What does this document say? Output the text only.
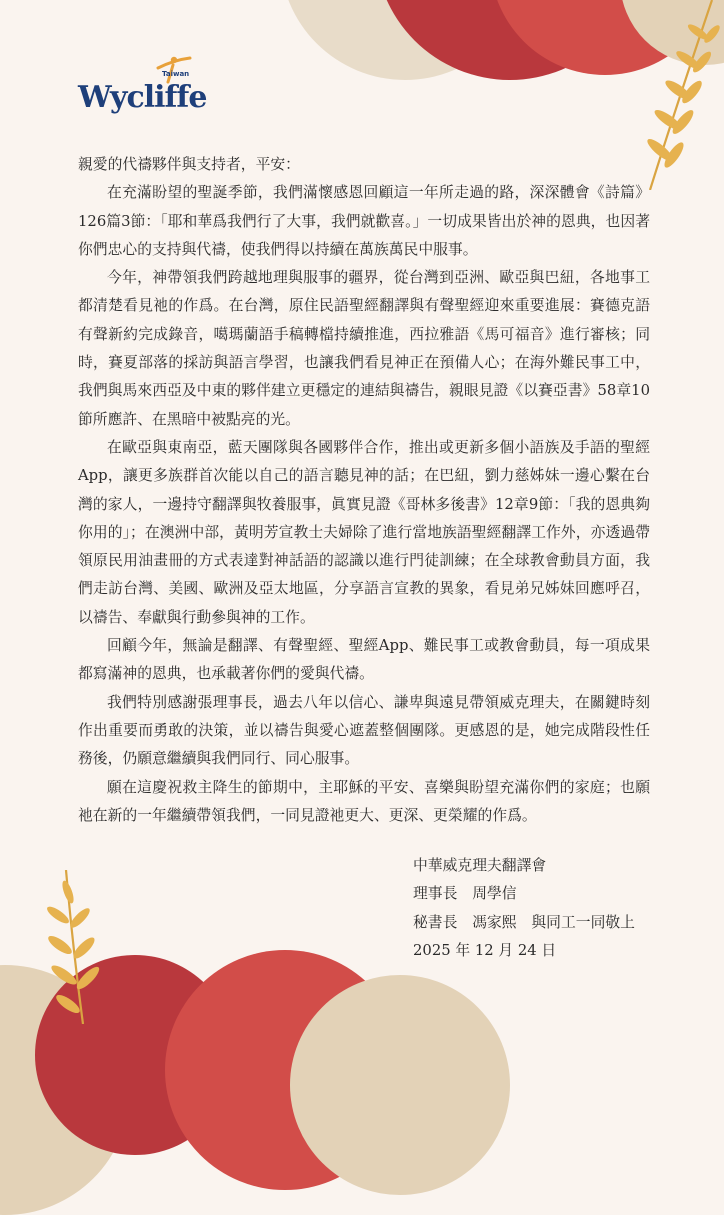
Taiwan
Wycliffe

親愛的代禱夥伴與支持者，平安：

在充滿盼望的聖誕季節，我們滿懷感恩回顧這一年所走過的路，深深體會《詩篇》126篇3節：「耶和華爲我們行了大事，我們就歡喜。」一切成果皆出於神的恩典，也因著你們忠心的支持與代禱，使我們得以持續在萬族萬民中服事。

今年，神帶領我們跨越地理與服事的疆界，從台灣到亞洲、歐亞與巴紐，各地事工都清楚看見祂的作爲。在台灣，原住民語聖經翻譯與有聲聖經迎來重要進展：賽德克語有聲新約完成錄音，噶瑪蘭語手稿轉檔持續推進，西拉雅語《馬可福音》進行審核；同時，賽夏部落的採訪與語言學習，也讓我們看見神正在預備人心；在海外難民事工中，我們與馬來西亞及中東的夥伴建立更穩定的連結與禱告，親眼見證《以賽亞書》58章10節所應許、在黑暗中被點亮的光。

在歐亞與東南亞，藍天團隊與各國夥伴合作，推出或更新多個小語族及手語的聖經App，讓更多族群首次能以自己的語言聽見神的話；在巴紐，劉力慈姊妹一邊心繫在台灣的家人，一邊持守翻譯與牧養服事，眞實見證《哥林多後書》12章9節：「我的恩典夠你用的」；在澳洲中部，黃明芳宣教士夫婦除了進行當地族語聖經翻譯工作外，亦透過帶領原民用油畫冊的方式表達對神話語的認識以進行門徒訓練；在全球教會動員方面，我們走訪台灣、美國、歐洲及亞太地區，分享語言宣教的異象，看見弟兄姊妹回應呼召，以禱告、奉獻與行動參與神的工作。

回顧今年，無論是翻譯、有聲聖經、聖經App、難民事工或教會動員，每一項成果都寫滿神的恩典，也承載著你們的愛與代禱。

我們特別感謝張理事長，過去八年以信心、謙卑與遠見帶領威克理夫，在關鍵時刻作出重要而勇敢的決策，並以禱告與愛心遮蓋整個團隊。更感恩的是，她完成階段性任務後，仍願意繼續與我們同行、同心服事。

願在這慶祝救主降生的節期中，主耶穌的平安、喜樂與盼望充滿你們的家庭；也願祂在新的一年繼續帶領我們，一同見證祂更大、更深、更榮耀的作爲。

中華威克理夫翻譯會
理事長　周學信
秘書長　馮家熙　與同工一同敬上
2025 年 12 月 24 日
